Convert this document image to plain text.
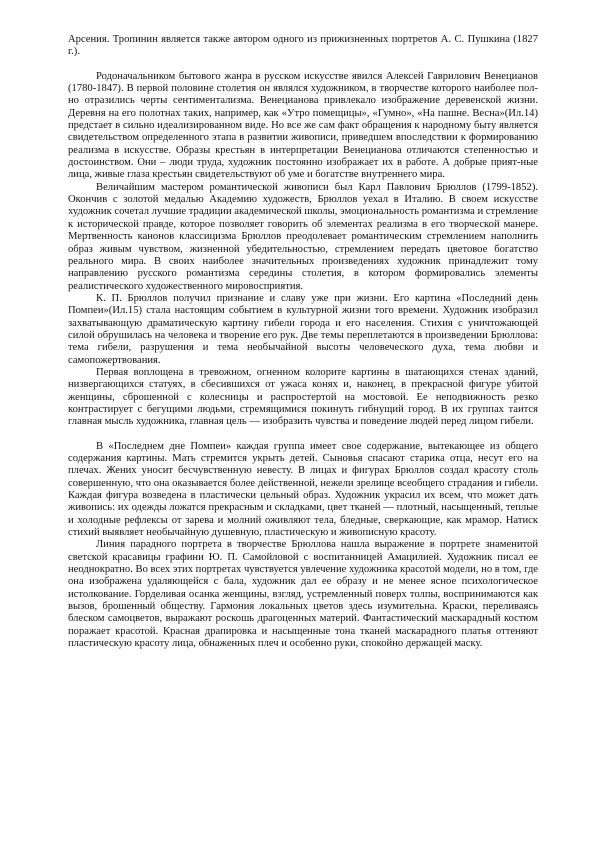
Арсения. Тропинин является также автором одного из прижизненных портретов А. С. Пушкина (1827 г.).

Родоначальником бытового жанра в русском искусстве явился Алексей Гаврилович Венецианов (1780-1847). В первой половине столетия он являлся художником, в творчестве которого наиболее пол-но отразились черты сентиментализма. Венецианова привлекало изображение деревенской жизни. Деревня на его полотнах таких, например, как «Утро помещицы», «Гумно», «На пашне. Весна»(Ил.14) предстает в сильно идеализированном виде. Но все же сам факт обращения к народному быту является свидетельством определенного этапа в развитии живописи, приведшем впоследствии к формированию реализма в искусстве. Образы крестьян в интерпретации Венецианова отличаются степенностью и достоинством. Они – люди труда, художник постоянно изображает их в работе. А добрые прият-ные лица, живые глаза крестьян свидетельствуют об уме и богатстве внутреннего мира.

Величайшим мастером романтической живописи был Карл Павлович Брюллов (1799-1852). Окончив с золотой медалью Академию художеств, Брюллов уехал в Италию. В своем искусстве художник сочетал лучшие традиции академической школы, эмоциональность романтизма и стремление к исторической правде, которое позволяет говорить об элементах реализма в его творческой манере. Мертвенность канонов классицизма Брюллов преодолевает романтическим стремлением наполнить образ живым чувством, жизненной убедительностью, стремлением передать цветовое богатство реального мира. В своих наиболее значительных произведениях художник принадлежит тому направлению русского романтизма середины столетия, в котором формировались элементы реалистического художественного мировосприятия.

К. П. Брюллов получил признание и славу уже при жизни. Его картина «Последний день Помпеи»(Ил.15) стала настоящим событием в культурной жизни того времени. Художник изобразил захватывающую драматическую картину гибели города и его населения. Стихия с уничтожающей силой обрушилась на человека и творение его рук. Две темы переплетаются в произведении Брюллова: тема гибели, разрушения и тема необычайной высоты человеческого духа, тема любви и самопожертвования.

Первая воплощена в тревожном, огненном колорите картины в шатающихся стенах зданий, низвергающихся статуях, в сбесившихся от ужаса конях и, наконец, в прекрасной фигуре убитой женщины, сброшенной с колесницы и распростертой на мостовой. Ее неподвижность резко контрастирует с бегущими людьми, стремящимися покинуть гибнущий город. В их группах таится главная мысль художника, главная цель — изобразить чувства и поведение людей перед лицом гибели.

В «Последнем дне Помпеи» каждая группа имеет свое содержание, вытекающее из общего содержания картины. Мать стремится укрыть детей. Сыновья спасают старика отца, несут его на плечах. Жених уносит бесчувственную невесту. В лицах и фигурах Брюллов создал красоту столь совершенную, что она оказывается более действенной, нежели зрелище всеобщего страдания и гибели. Каждая фигура возведена в пластически цельный образ. Художник украсил их всем, что может дать живопись: их одежды ложатся прекрасным и складками, цвет тканей — плотный, насыщенный, теплые и холодные рефлексы от зарева и молний оживляют тела, бледные, сверкающие, как мрамор. Натиск стихий выявляет необычайную душевную, пластическую и живописную красоту.

Линия парадного портрета в творчестве Брюллова нашла выражение в портрете знаменитой светской красавицы графини Ю. П. Самойловой с воспитанницей Амацилией. Художник писал ее неоднократно. Во всех этих портретах чувствуется увлечение художника красотой модели, но в том, где она изображена удаляющейся с бала, художник дал ее образу и не менее ясное психологическое истолкование. Горделивая осанка женщины, взгляд, устремленный поверх толпы, воспринимаются как вызов, брошенный обществу. Гармония локальных цветов здесь изумительна. Краски, переливаясь блеском самоцветов, выражают роскошь драгоценных материй. Фантастический маскарадный костюм поражает красотой. Красная драпировка и насыщенные тона тканей маскарадного платья оттеняют пластическую красоту лица, обнаженных плеч и особенно руки, спокойно держащей маску.
